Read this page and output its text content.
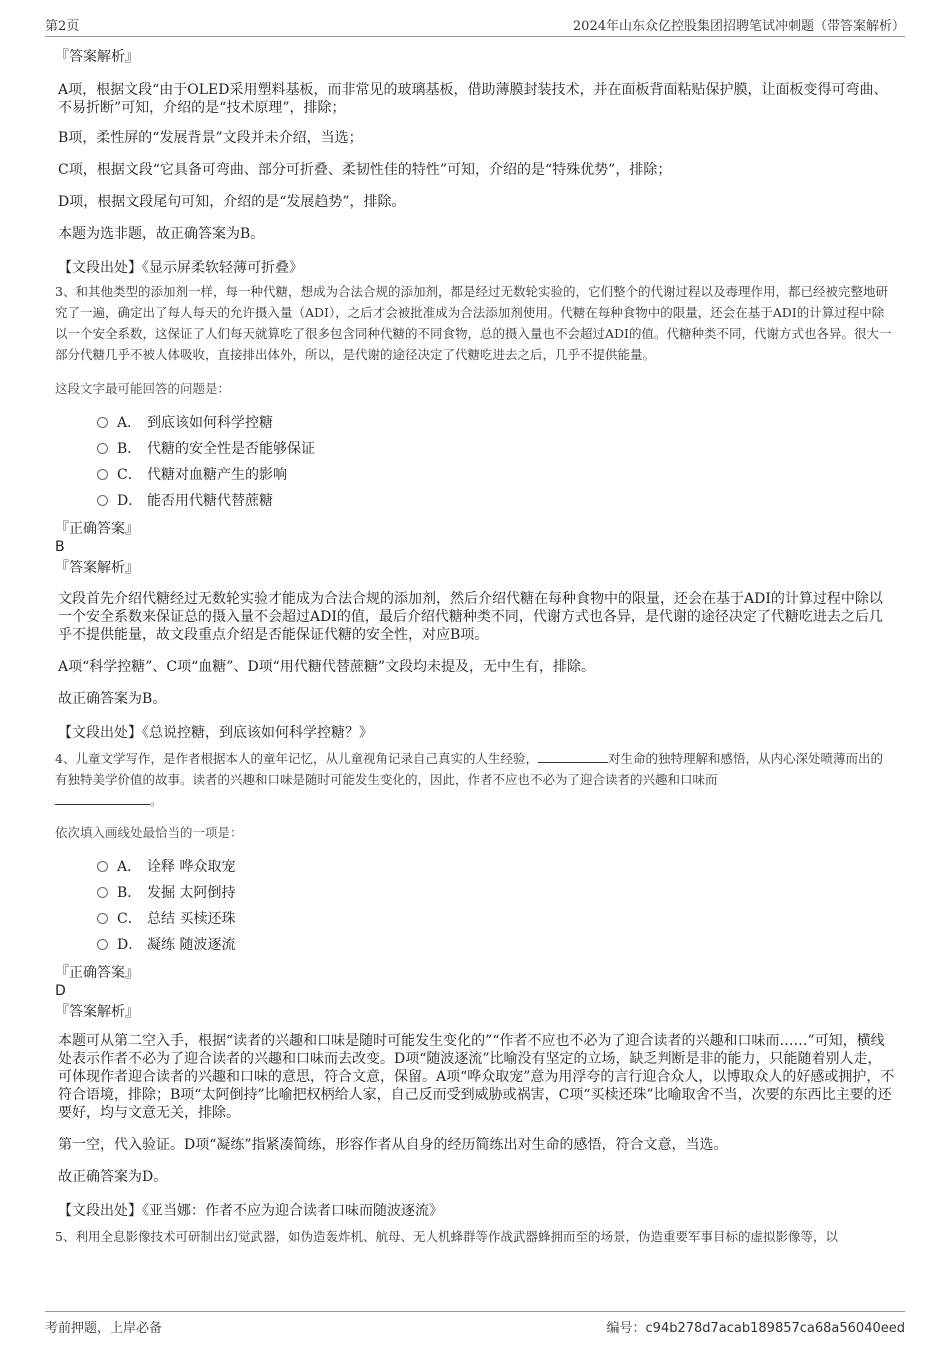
第2页	2024年山东众亿控股集团招聘笔试冲刺题（带答案解析）

『答案解析』

A项，根据文段“由于OLED采用塑料基板，而非常见的玻璃基板，借助薄膜封装技术，并在面板背面粘贴保护膜，让面板变得可弯曲、不易折断”可知，介绍的是“技术原理”，排除；

B项，柔性屏的“发展背景”文段并未介绍，当选；

C项，根据文段“它具备可弯曲、部分可折叠、柔韧性佳的特性”可知，介绍的是“特殊优势”，排除；

D项，根据文段尾句可知，介绍的是“发展趋势”，排除。

本题为选非题，故正确答案为B。

【文段出处】《显示屏柔软轻薄可折叠》

3、和其他类型的添加剂一样，每一种代糖，想成为合法合规的添加剂，都是经过无数轮实验的，它们整个的代谢过程以及毒理作用，都已经被完整地研究了一遍，确定出了每人每天的允许摄入量（ADI），之后才会被批准成为合法添加剂使用。代糖在每种食物中的限量，还会在基于ADI的计算过程中除以一个安全系数，这保证了人们每天就算吃了很多包含同种代糖的不同食物，总的摄入量也不会超过ADI的值。代糖种类不同，代谢方式也各异。很大一部分代糖几乎不被人体吸收，直接排出体外，所以，是代谢的途径决定了代糖吃进去之后，几乎不提供能量。

这段文字最可能回答的问题是：

A． 到底该如何科学控糖
B． 代糖的安全性是否能够保证
C． 代糖对血糖产生的影响
D． 能否用代糖代替蔗糖

『正确答案』

B

『答案解析』

文段首先介绍代糖经过无数轮实验才能成为合法合规的添加剂，然后介绍代糖在每种食物中的限量，还会在基于ADI的计算过程中除以一个安全系数来保证总的摄入量不会超过ADI的值，最后介绍代糖种类不同，代谢方式也各异，是代谢的途径决定了代糖吃进去之后几乎不提供能量，故文段重点介绍是否能保证代糖的安全性，对应B项。

A项“科学控糖”、C项“血糖”、D项“用代糖代替蔗糖”文段均未提及，无中生有，排除。

故正确答案为B。

【文段出处】《总说控糖，到底该如何科学控糖？》

4、儿童文学写作，是作者根据本人的童年记忆，从儿童视角记录自己真实的人生经验，	对生命的独特理解和感悟，从内心深处喷薄而出的有独特美学价值的故事。读者的兴趣和口味是随时可能发生变化的，因此，作者不应也不必为了迎合读者的兴趣和口味而
。

依次填入画线处最恰当的一项是：

A． 诠释 哗众取宠
B． 发掘 太阿倒持
C． 总结 买椟还珠
D． 凝练 随波逐流

『正确答案』

D

『答案解析』

本题可从第二空入手，根据“读者的兴趣和口味是随时可能发生变化的”“作者不应也不必为了迎合读者的兴趣和口味而……”可知，横线处表示作者不必为了迎合读者的兴趣和口味而去改变。D项“随波逐流”比喻没有坚定的立场，缺乏判断是非的能力，只能随着别人走，可体现作者迎合读者的兴趣和口味的意思，符合文意，保留。A项“哗众取宠”意为用浮夸的言行迎合众人，以博取众人的好感或拥护，不符合语境，排除；B项“太阿倒持”比喻把权柄给人家，自己反而受到威胁或祸害，C项“买椟还珠”比喻取舍不当，次要的东西比主要的还要好，均与文意无关，排除。

第一空，代入验证。D项“凝练”指紧凑简练，形容作者从自身的经历简练出对生命的感悟，符合文意，当选。

故正确答案为D。

【文段出处】《亚当娜：作者不应为迎合读者口味而随波逐流》

5、利用全息影像技术可研制出幻觉武器，如伪造轰炸机、航母、无人机蜂群等作战武器蜂拥而至的场景，伪造重要军事目标的虚拟影像等，以

考前押题，上岸必备	编号：c94b278d7acab189857ca68a56040eed
